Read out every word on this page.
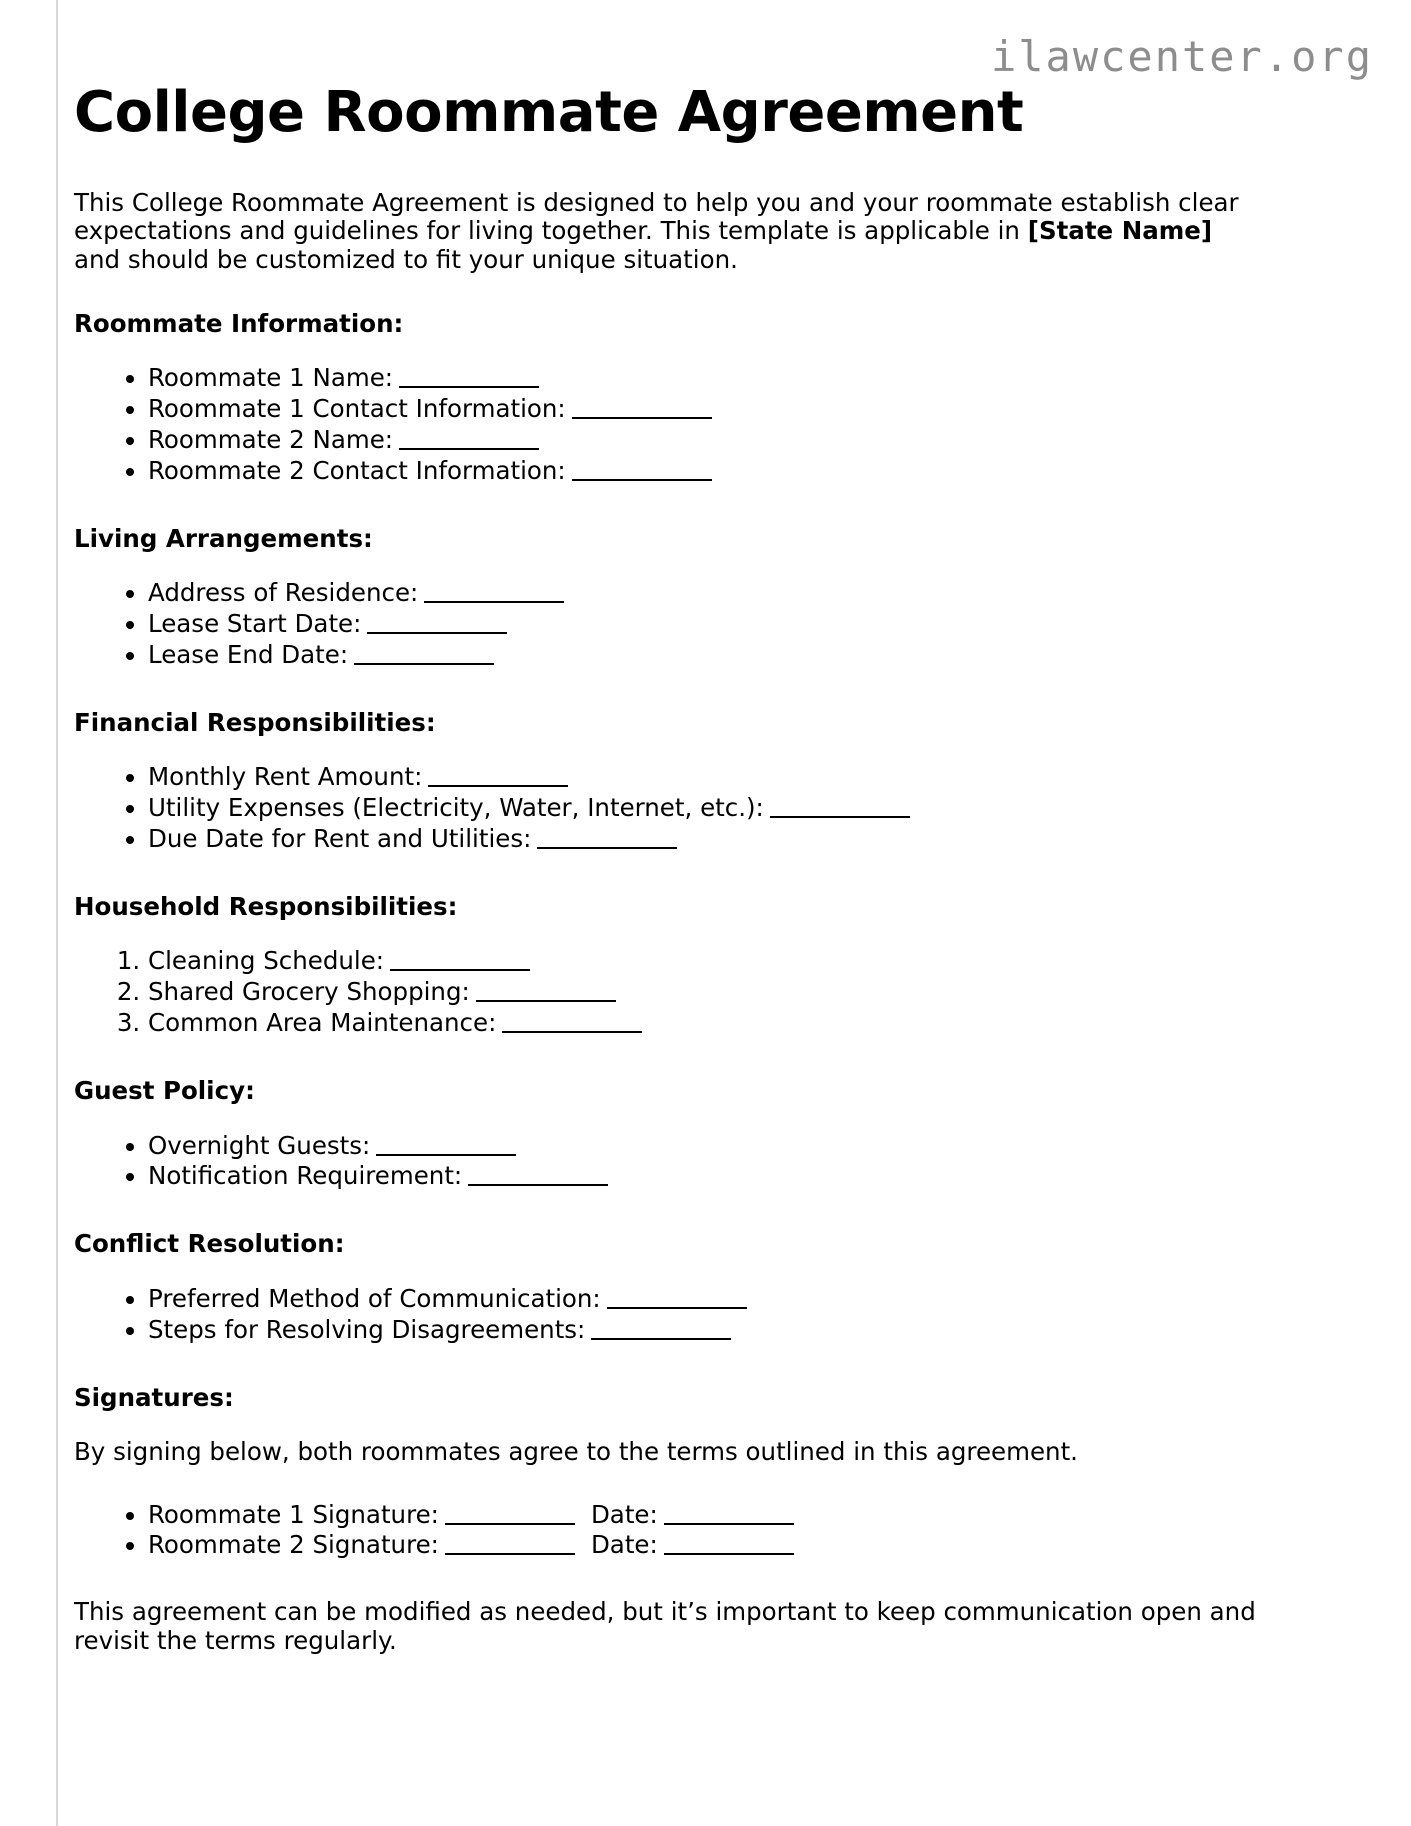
ilawcenter.org
College Roommate Agreement

This College Roommate Agreement is designed to help you and your roommate establish clear expectations and guidelines for living together. This template is applicable in [State Name] and should be customized to fit your unique situation.

Roommate Information:
• Roommate 1 Name:
• Roommate 1 Contact Information:
• Roommate 2 Name:
• Roommate 2 Contact Information:
Living Arrangements:
• Address of Residence:
• Lease Start Date:
• Lease End Date:
Financial Responsibilities:
• Monthly Rent Amount:
• Utility Expenses (Electricity, Water, Internet, etc.):
• Due Date for Rent and Utilities:
Household Responsibilities:
1. Cleaning Schedule:
2. Shared Grocery Shopping:
3. Common Area Maintenance:
Guest Policy:
• Overnight Guests:
• Notification Requirement:
Conflict Resolution:
• Preferred Method of Communication:
• Steps for Resolving Disagreements:
Signatures:

By signing below, both roommates agree to the terms outlined in this agreement.

• Roommate 1 Signature:	Date:
• Roommate 2 Signature:	Date:

This agreement can be modified as needed, but it’s important to keep communication open and revisit the terms regularly.
